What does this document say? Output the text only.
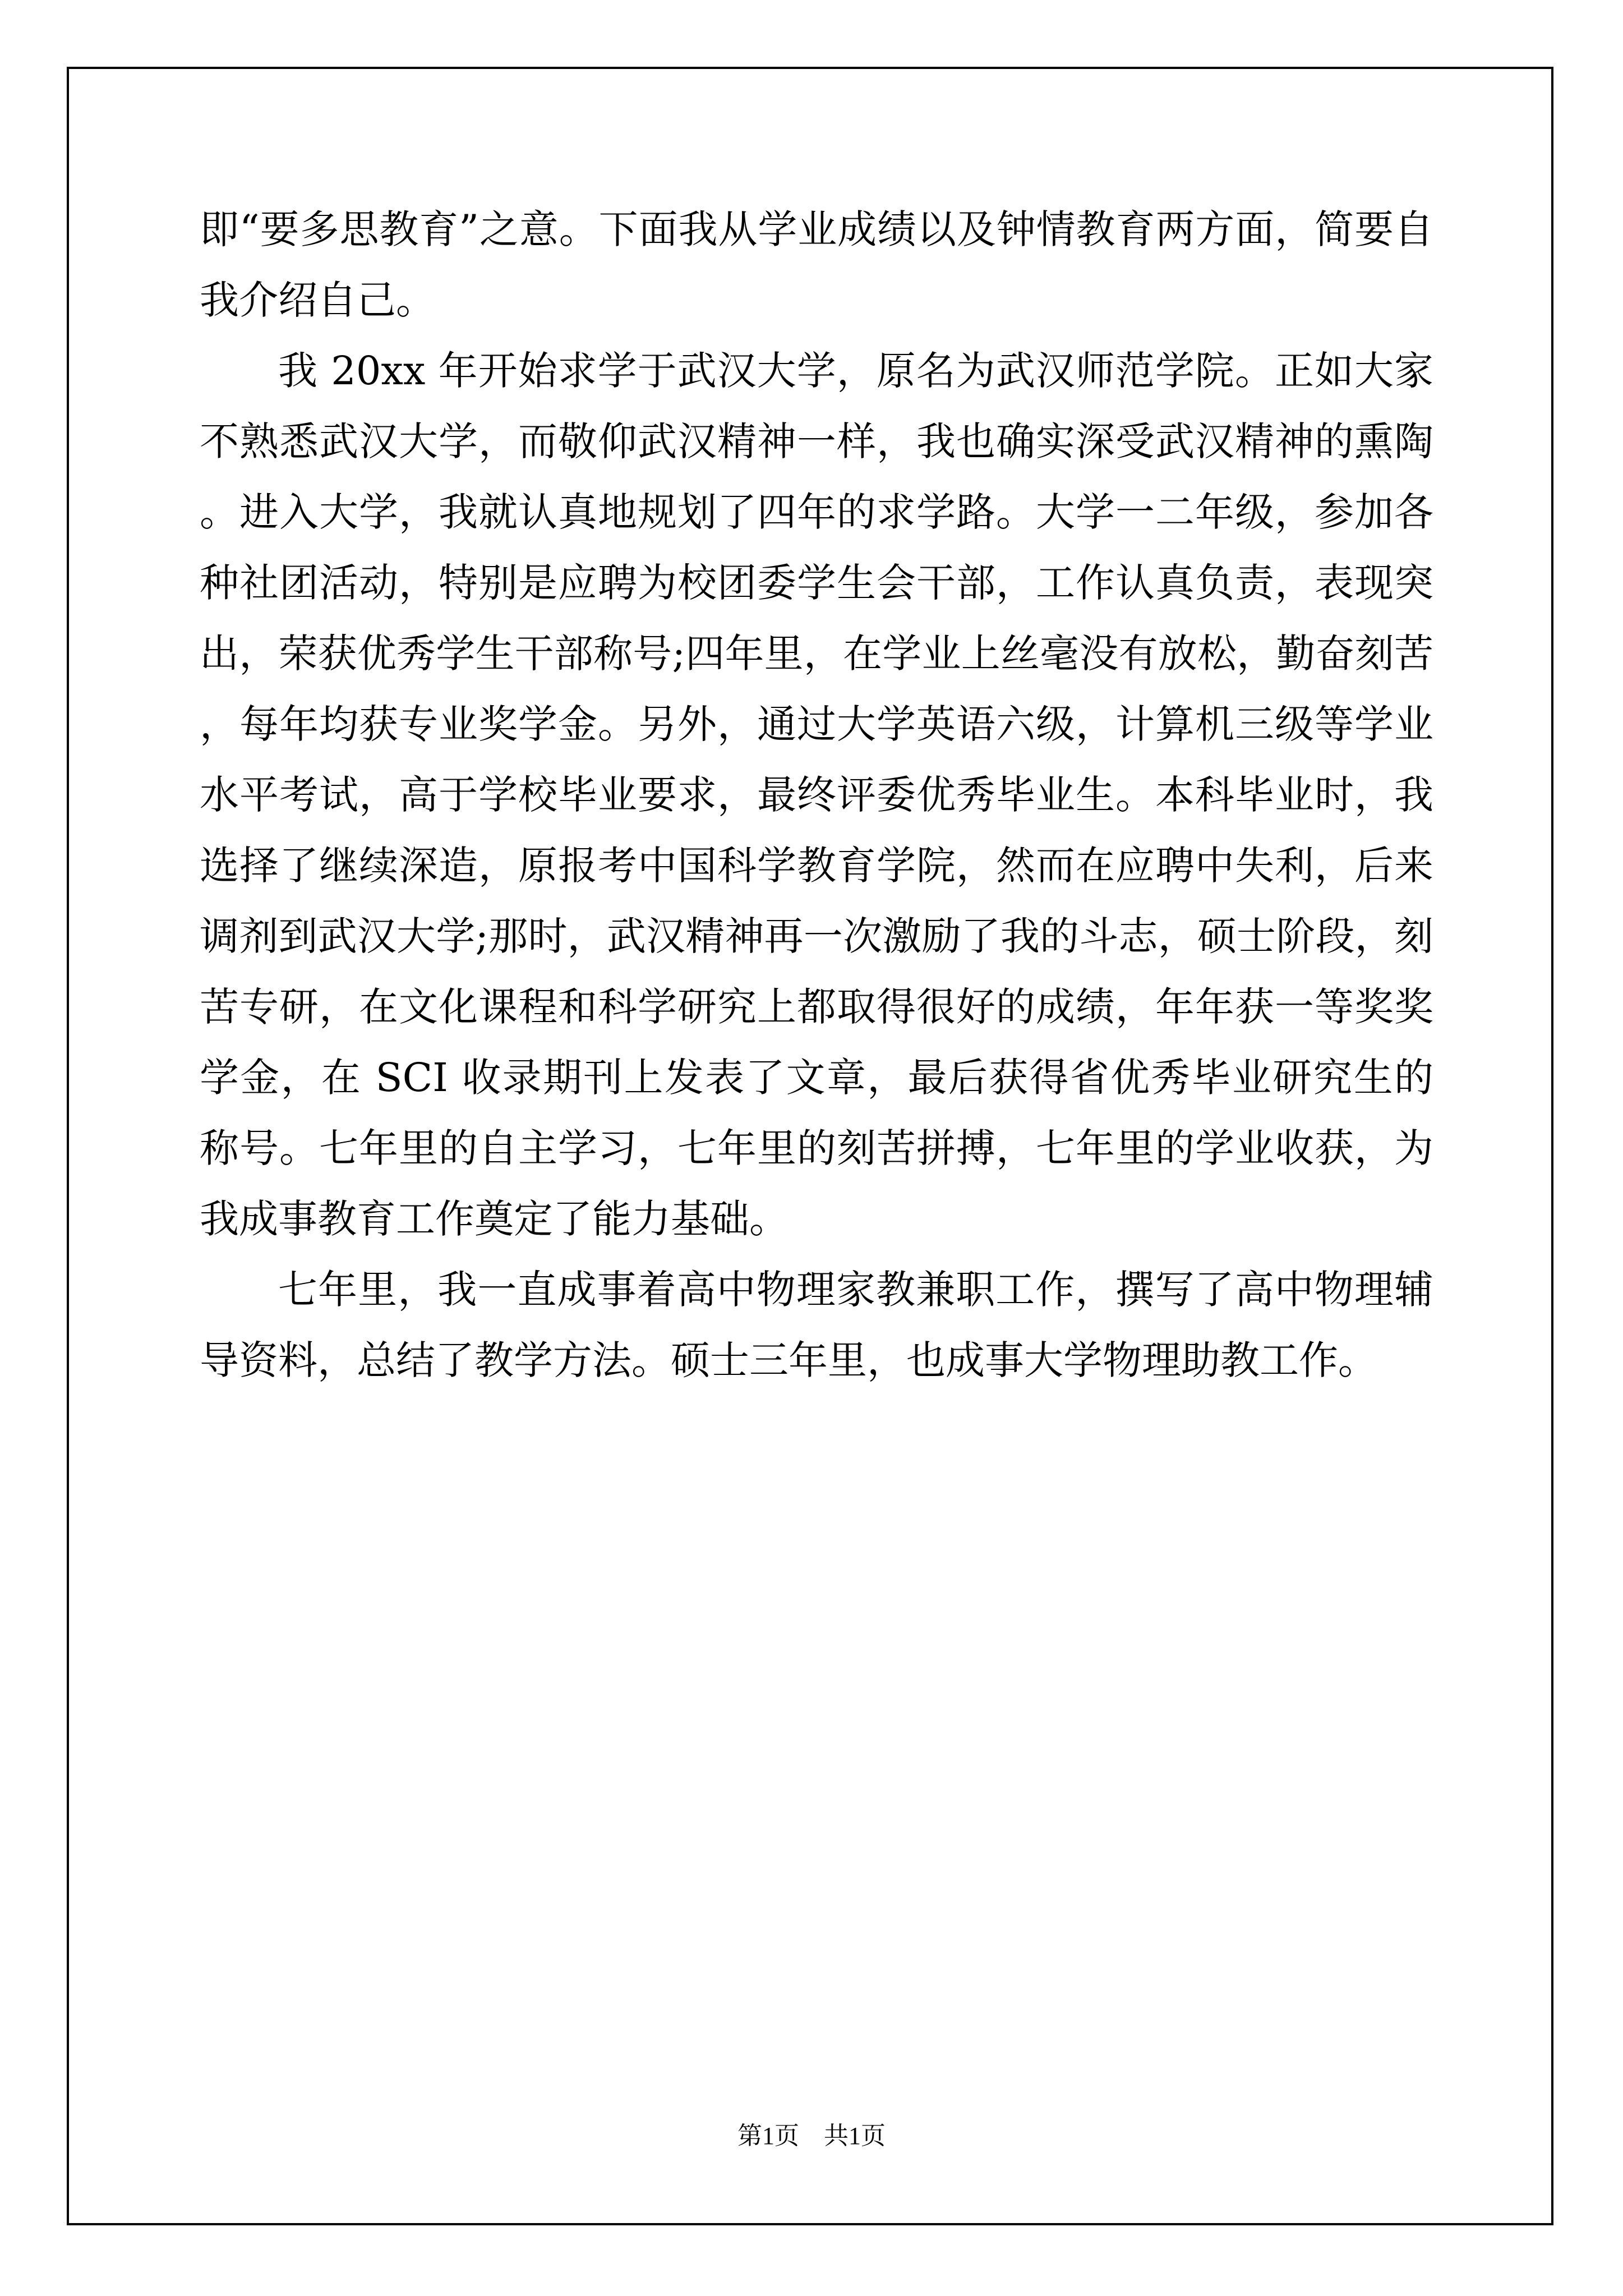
即“要多思教育”之意。下面我从学业成绩以及钟情教育两方面，简要自我介绍自己。

我 20xx 年开始求学于武汉大学，原名为武汉师范学院。正如大家不熟悉武汉大学，而敬仰武汉精神一样，我也确实深受武汉精神的熏陶。进入大学，我就认真地规划了四年的求学路。大学一二年级，参加各种社团活动，特别是应聘为校团委学生会干部，工作认真负责，表现突出，荣获优秀学生干部称号;四年里，在学业上丝毫没有放松，勤奋刻苦，每年均获专业奖学金。另外，通过大学英语六级，计算机三级等学业水平考试，高于学校毕业要求，最终评委优秀毕业生。本科毕业时，我选择了继续深造，原报考中国科学教育学院，然而在应聘中失利，后来调剂到武汉大学;那时，武汉精神再一次激励了我的斗志，硕士阶段，刻苦专研，在文化课程和科学研究上都取得很好的成绩，年年获一等奖奖学金，在 SCI 收录期刊上发表了文章，最后获得省优秀毕业研究生的称号。七年里的自主学习，七年里的刻苦拼搏，七年里的学业收获，为我成事教育工作奠定了能力基础。

七年里，我一直成事着高中物理家教兼职工作，撰写了高中物理辅导资料，总结了教学方法。硕士三年里，也成事大学物理助教工作。

第1页 共1页
